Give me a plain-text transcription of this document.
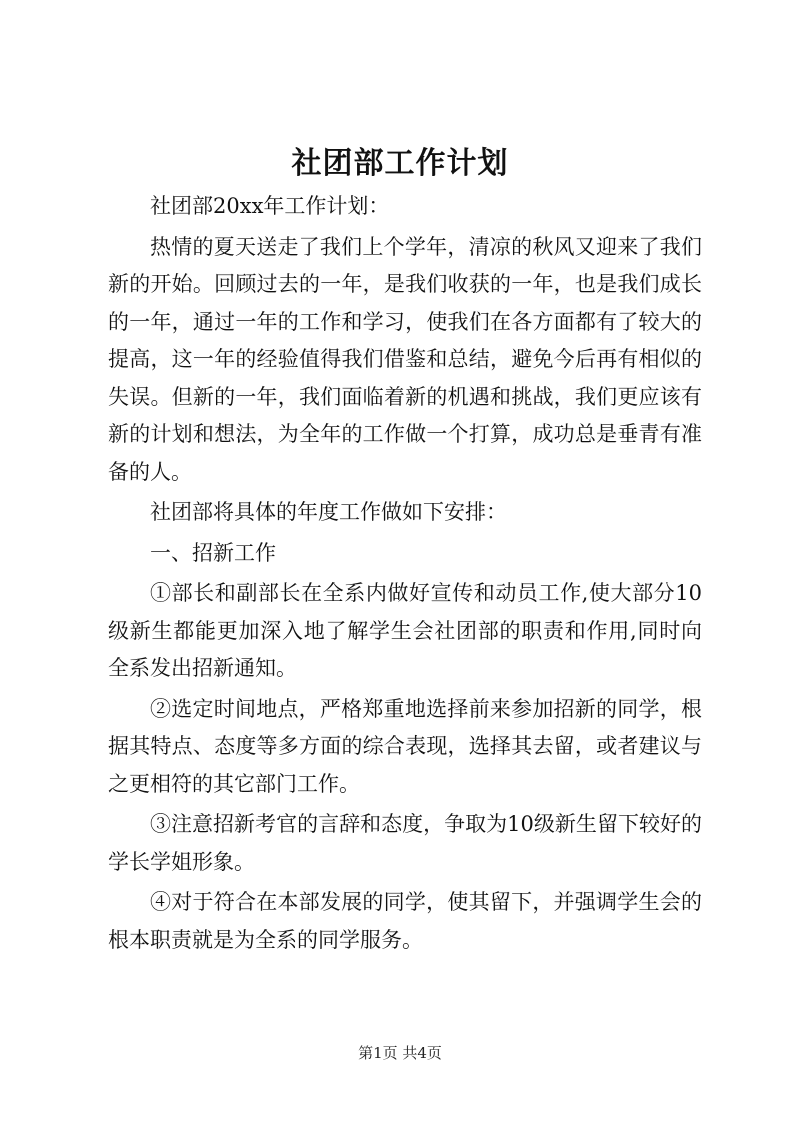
社团部工作计划

社团部20xx年工作计划：

热情的夏天送走了我们上个学年，清凉的秋风又迎来了我们新的开始。回顾过去的一年，是我们收获的一年，也是我们成长的一年，通过一年的工作和学习，使我们在各方面都有了较大的提高，这一年的经验值得我们借鉴和总结，避免今后再有相似的失误。但新的一年，我们面临着新的机遇和挑战，我们更应该有新的计划和想法，为全年的工作做一个打算，成功总是垂青有准备的人。

社团部将具体的年度工作做如下安排：

一、招新工作

①部长和副部长在全系内做好宣传和动员工作,使大部分10级新生都能更加深入地了解学生会社团部的职责和作用,同时向全系发出招新通知。

②选定时间地点，严格郑重地选择前来参加招新的同学，根据其特点、态度等多方面的综合表现，选择其去留，或者建议与之更相符的其它部门工作。

③注意招新考官的言辞和态度，争取为10级新生留下较好的学长学姐形象。

④对于符合在本部发展的同学，使其留下，并强调学生会的根本职责就是为全系的同学服务。

第1页 共4页
